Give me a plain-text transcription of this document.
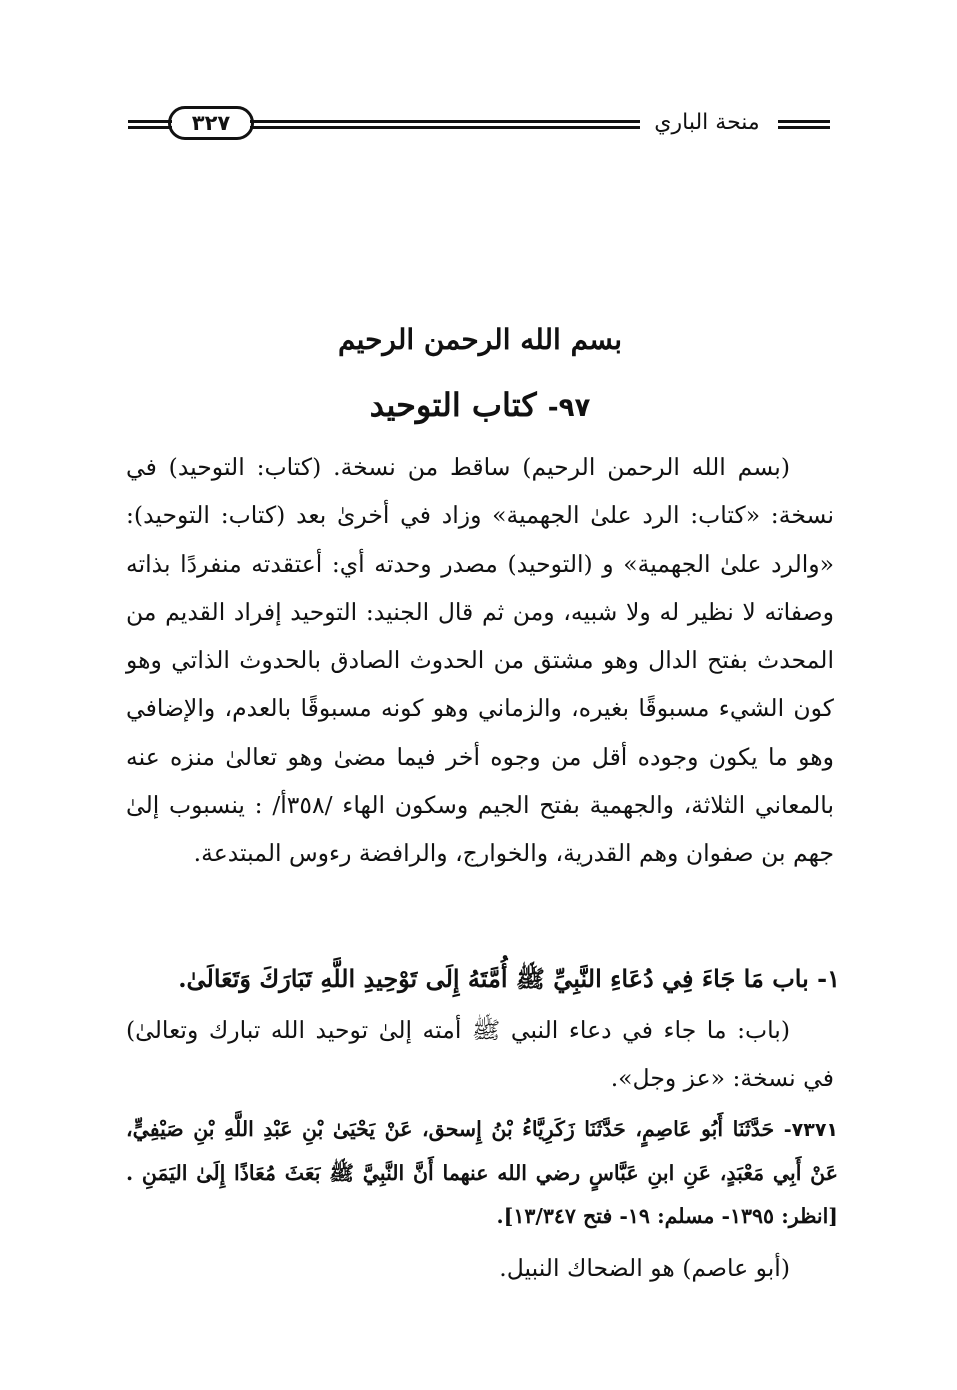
٣٢٧	منحة الباري
بسم الله الرحمن الرحيم
٩٧- كتاب التوحيد

(بسم الله الرحمن الرحيم) ساقط من نسخة. (كتاب: التوحيد) في نسخة: «كتاب: الرد علىٰ الجهمية» وزاد في أخرىٰ بعد (كتاب: التوحيد): «والرد علىٰ الجهمية» و (التوحيد) مصدر وحدته أي: أعتقدته منفردًا بذاته وصفاته لا نظير له ولا شبيه، ومن ثم قال الجنيد: التوحيد إفراد القديم من المحدث بفتح الدال وهو مشتق من الحدوث الصادق بالحدوث الذاتي وهو كون الشيء مسبوقًا بغيره، والزماني وهو كونه مسبوقًا بالعدم، والإضافي وهو ما يكون وجوده أقل من وجوه أخر فيما مضىٰ وهو تعالىٰ منزه عنه بالمعاني الثلاثة، والجهمية بفتح الجيم وسكون الهاء /٣٥٨أ/ : ينسبوب إلىٰ جهم بن صفوان وهم القدرية، والخوارج، والرافضة رءوس المبتدعة.

١- باب مَا جَاءَ فِي دُعَاءِ النَّبِيِّ ﷺ أُمَّتَهُ إِلَى تَوْحِيدِ اللَّهِ تَبَارَكَ وَتَعَالَىٰ.

(باب: ما جاء في دعاء النبي ﷺ أمته إلىٰ توحيد الله تبارك وتعالىٰ) في نسخة: «عز وجل».

٧٣٧١- حَدَّثَنَا أَبُو عَاصِمٍ، حَدَّثَنَا زَكَرِيَّاءُ بْنُ إِسحق، عَنْ يَحْيَىٰ بْنِ عَبْدِ اللَّهِ بْنِ صَيْفِيٍّ، عَنْ أَبِي مَعْبَدٍ، عَنِ ابنِ عَبَّاسٍ رضي الله عنهما أَنَّ النَّبِيَّ ﷺ بَعَثَ مُعَاذًا إِلَىٰ اليَمَنِ .[انظر: ١٣٩٥- مسلم: ١٩- فتح ١٣/٣٤٧].

(أبو عاصم) هو الضحاك النبيل.
